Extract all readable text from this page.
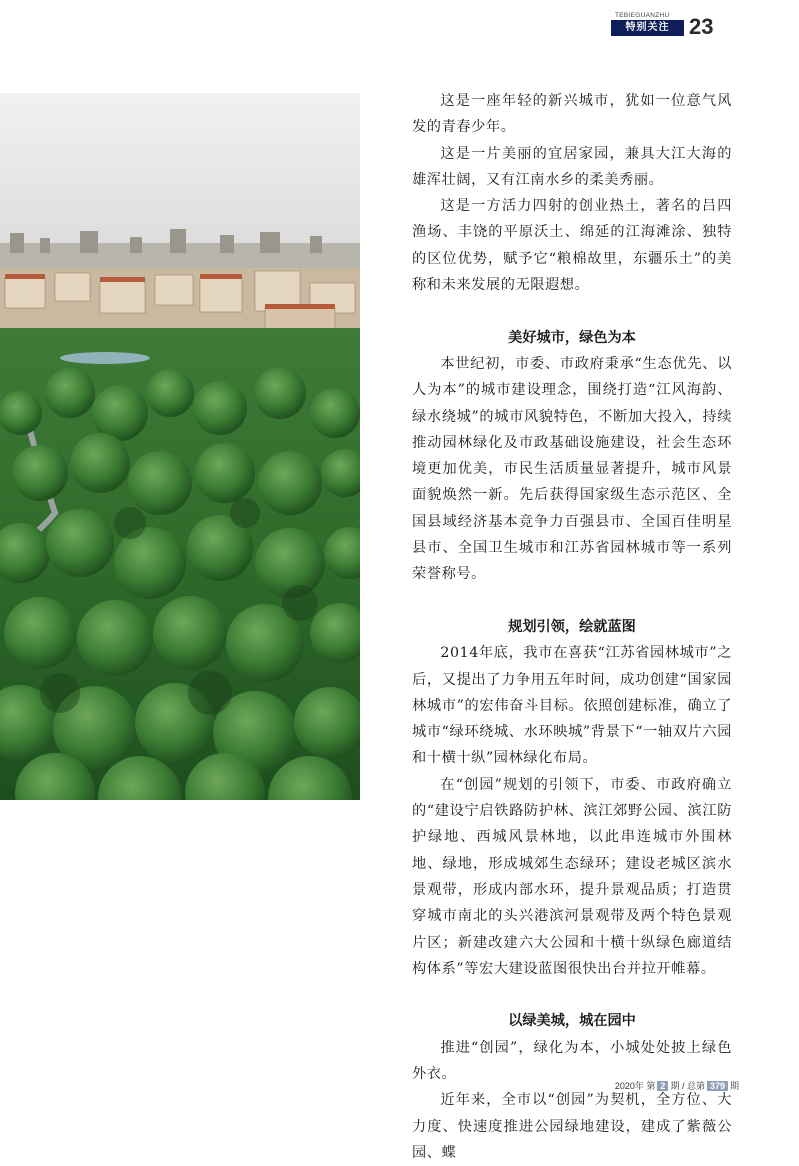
TEBIEGUANZHU
特别关注 23

这是一座年轻的新兴城市，犹如一位意气风发的青春少年。

这是一片美丽的宜居家园，兼具大江大海的雄浑壮阔，又有江南水乡的柔美秀丽。

这是一方活力四射的创业热土，著名的吕四渔场、丰饶的平原沃土、绵延的江海滩涂、独特的区位优势，赋予它“粮棉故里，东疆乐土”的美称和未来发展的无限遐想。

美好城市，绿色为本

本世纪初，市委、市政府秉承“生态优先、以人为本”的城市建设理念，围绕打造“江风海韵、绿水绕城”的城市风貌特色，不断加大投入，持续推动园林绿化及市政基础设施建设，社会生态环境更加优美，市民生活质量显著提升，城市风景面貌焕然一新。先后获得国家级生态示范区、全国县域经济基本竞争力百强县市、全国百佳明星县市、全国卫生城市和江苏省园林城市等一系列荣誉称号。

规划引领，绘就蓝图

2014年底，我市在喜获“江苏省园林城市”之后，又提出了力争用五年时间，成功创建“国家园林城市”的宏伟奋斗目标。依照创建标准，确立了城市“绿环绕城、水环映城”背景下“一轴双片六园和十横十纵”园林绿化布局。

在“创园”规划的引领下，市委、市政府确立的“建设宁启铁路防护林、滨江郊野公园、滨江防护绿地、西城风景林地，以此串连城市外围林地、绿地，形成城郊生态绿环；建设老城区滨水景观带，形成内部水环，提升景观品质；打造贯穿城市南北的头兴港滨河景观带及两个特色景观片区；新建改建六大公园和十横十纵绿色廊道结构体系”等宏大建设蓝图很快出台并拉开帷幕。

以绿美城，城在园中

推进“创园”，绿化为本，小城处处披上绿色外衣。

近年来，全市以“创园”为契机，全方位、大力度、快速度推进公园绿地建设，建成了紫薇公园、蝶

2020年 第 2 期 / 总第 379 期
